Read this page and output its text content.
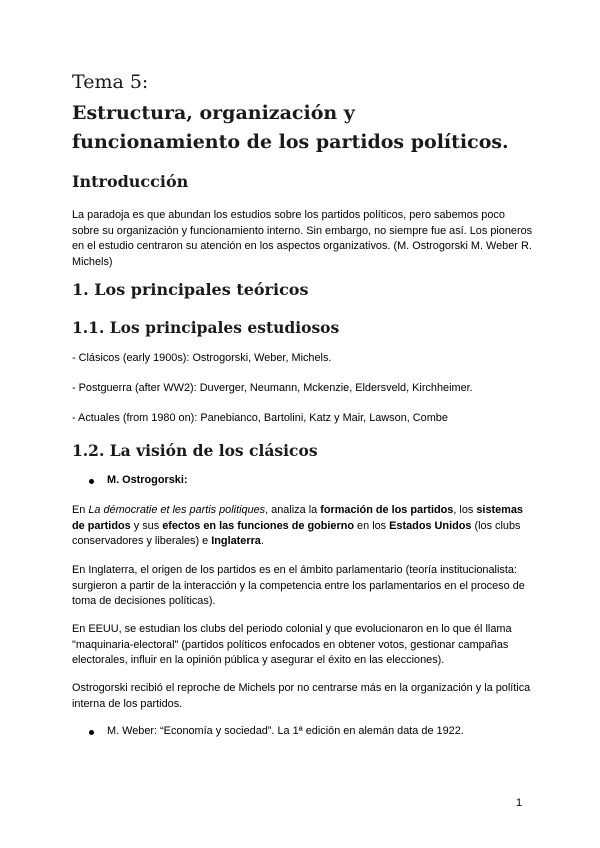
Tema 5:
Estructura, organización y funcionamiento de los partidos políticos.
Introducción

La paradoja es que abundan los estudios sobre los partidos políticos, pero sabemos poco sobre su organización y funcionamiento interno. Sin embargo, no siempre fue así. Los pioneros en el estudio centraron su atención en los aspectos organizativos. (M. Ostrogorski M. Weber R. Michels)

1. Los principales teóricos
1.1. Los principales estudiosos

- Clásicos (early 1900s): Ostrogorski, Weber, Michels.

- Postguerra (after WW2): Duverger, Neumann, Mckenzie, Eldersveld, Kirchheimer.

- Actuales (from 1980 on): Panebianco, Bartolini, Katz y Mair, Lawson, Combe

1.2. La visión de los clásicos
M. Ostrogorski:

En La démocratie et les partis politiques, analiza la formación de los partidos, los sistemas de partidos y sus efectos en las funciones de gobierno en los Estados Unidos (los clubs conservadores y liberales) e Inglaterra.

En Inglaterra, el origen de los partidos es en el ámbito parlamentario (teoría institucionalista: surgieron a partir de la interacción y la competencia entre los parlamentarios en el proceso de toma de decisiones políticas).

En EEUU, se estudian los clubs del periodo colonial y que evolucionaron en lo que él llama "maquinaria-electoral" (partidos políticos enfocados en obtener votos, gestionar campañas electorales, influir en la opinión pública y asegurar el éxito en las elecciones).

Ostrogorski recibió el reproche de Michels por no centrarse más en la organización y la política interna de los partidos.

M. Weber: “Economía y sociedad”. La 1ª edición en alemán data de 1922.
1
